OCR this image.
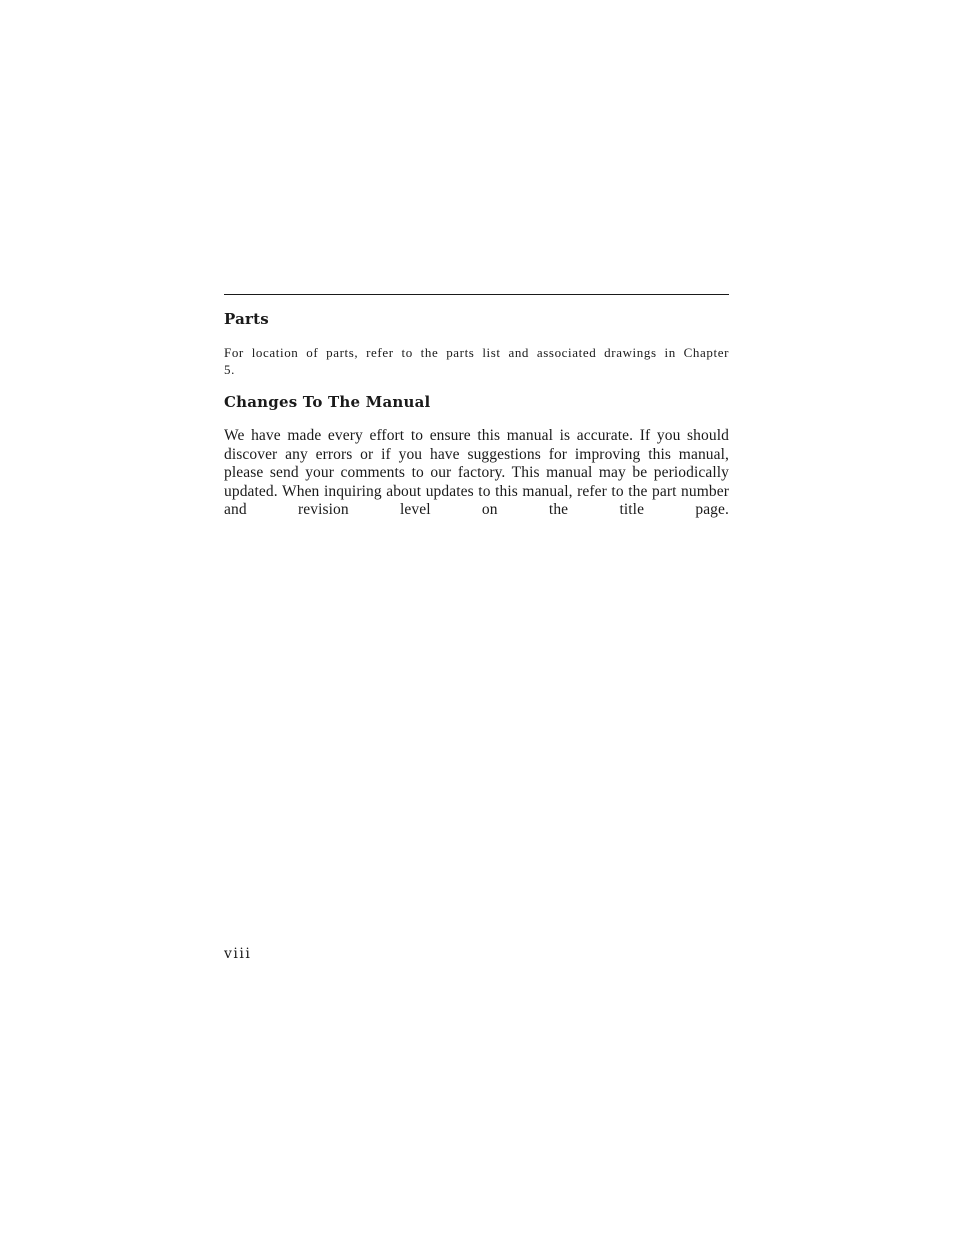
Parts

For location of parts, refer to the parts list and associated drawings in Chapter 5.

Changes To The Manual

We have made every effort to ensure this manual is accurate. If you should discover any errors or if you have suggestions for improving this manual, please send your comments to our factory. This manual may be periodically updated. When inquiring about updates to this manual, refer to the part number and revision level on the title page.

viii
